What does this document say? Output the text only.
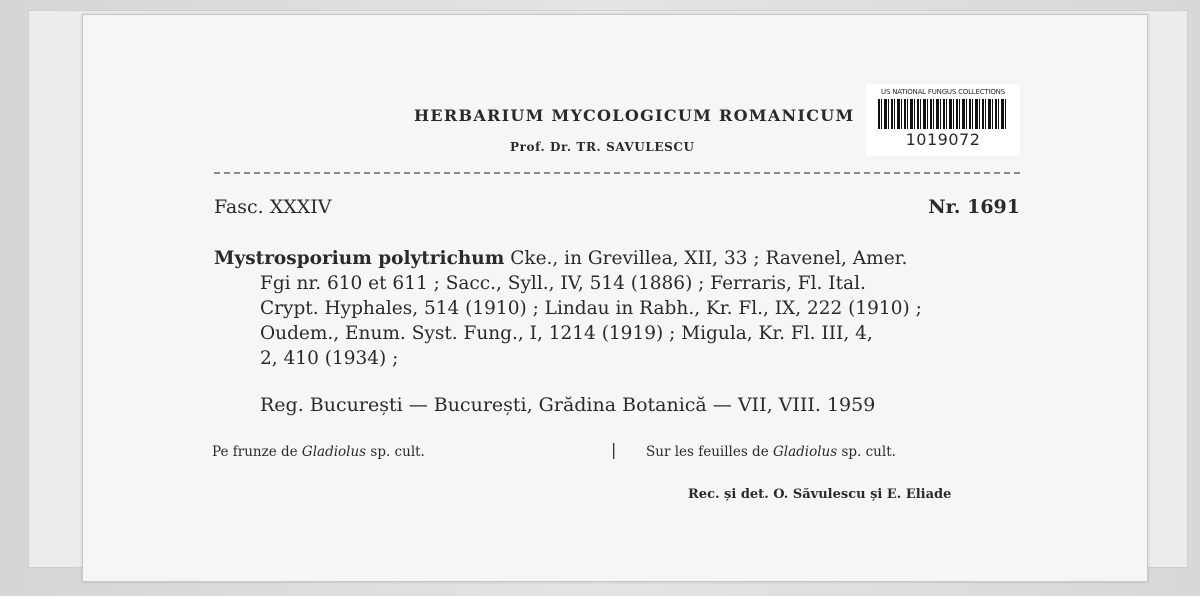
HERBARIUM MYCOLOGICUM ROMANICUM
Prof. Dr. TR. SAVULESCU
US NATIONAL FUNGUS COLLECTIONS
1019072
Fasc. XXXIV	Nr. 1691
Mystrosporium polytrichum Cke., in Grevillea, XII, 33 ; Ravenel, Amer.
Fgi nr. 610 et 611 ; Sacc., Syll., IV, 514 (1886) ; Ferraris, Fl. Ital.
Crypt. Hyphales, 514 (1910) ; Lindau in Rabh., Kr. Fl., IX, 222 (1910) ;
Oudem., Enum. Syst. Fung., I, 1214 (1919) ; Migula, Kr. Fl. III, 4,
2, 410 (1934) ;
Reg. București — București, Grădina Botanică — VII, VIII. 1959
Pe frunze de Gladiolus sp. cult.	| Sur les feuilles de Gladiolus sp. cult.
Rec. și det. O. Săvulescu și E. Eliade
